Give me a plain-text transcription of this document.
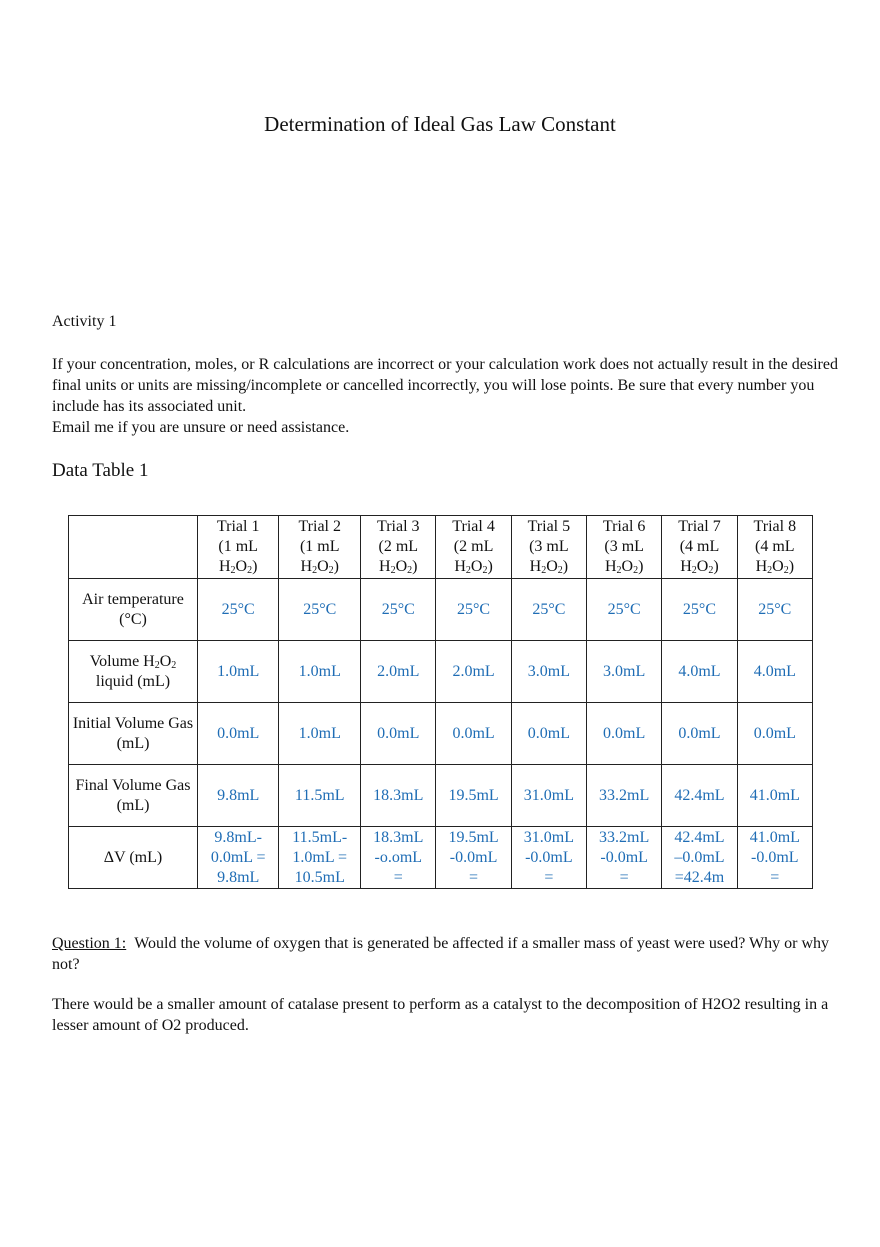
Determination of Ideal Gas Law Constant
Activity 1

If your concentration, moles, or R calculations are incorrect or your calculation work does not actually result in the desired final units or units are missing/incomplete or cancelled incorrectly, you will lose points. Be sure that every number you include has its associated unit.

Email me if you are unsure or need assistance.

Data Table 1
	Trial 1
(1 mL
$H_2O_2$)	Trial 2
(1 mL
$H_2O_2$)	Trial 3
(2 mL
$H_2O_2$)	Trial 4
(2 mL
$H_2O_2$)	Trial 5
(3 mL
$H_2O_2$)	Trial 6
(3 mL
$H_2O_2$)	Trial 7
(4 mL
$H_2O_2$)	Trial 8
(4 mL
$H_2O_2$)
Air temperature (°C)	25°C	25°C	25°C	25°C	25°C	25°C	25°C	25°C
Volume $H_2O_2$
liquid (mL)	1.0mL	1.0mL	2.0mL	2.0mL	3.0mL	3.0mL	4.0mL	4.0mL
Initial Volume Gas (mL)	0.0mL	1.0mL	0.0mL	0.0mL	0.0mL	0.0mL	0.0mL	0.0mL
Final Volume Gas (mL)	9.8mL	11.5mL	18.3mL	19.5mL	31.0mL	33.2mL	42.4mL	41.0mL
ΔV (mL)	9.8mL-
0.0mL =
9.8mL	11.5mL-
1.0mL =
10.5mL	18.3mL
-o.omL
=	19.5mL
-0.0mL
=	31.0mL
-0.0mL
=	33.2mL
-0.0mL
=	42.4mL
–0.0mL
=42.4m	41.0mL
-0.0mL
=
Question 1: Would the volume of oxygen that is generated be affected if a smaller mass of yeast were used? Why or why not?
There would be a smaller amount of catalase present to perform as a catalyst to the decomposition of H2O2 resulting in a lesser amount of O2 produced.
